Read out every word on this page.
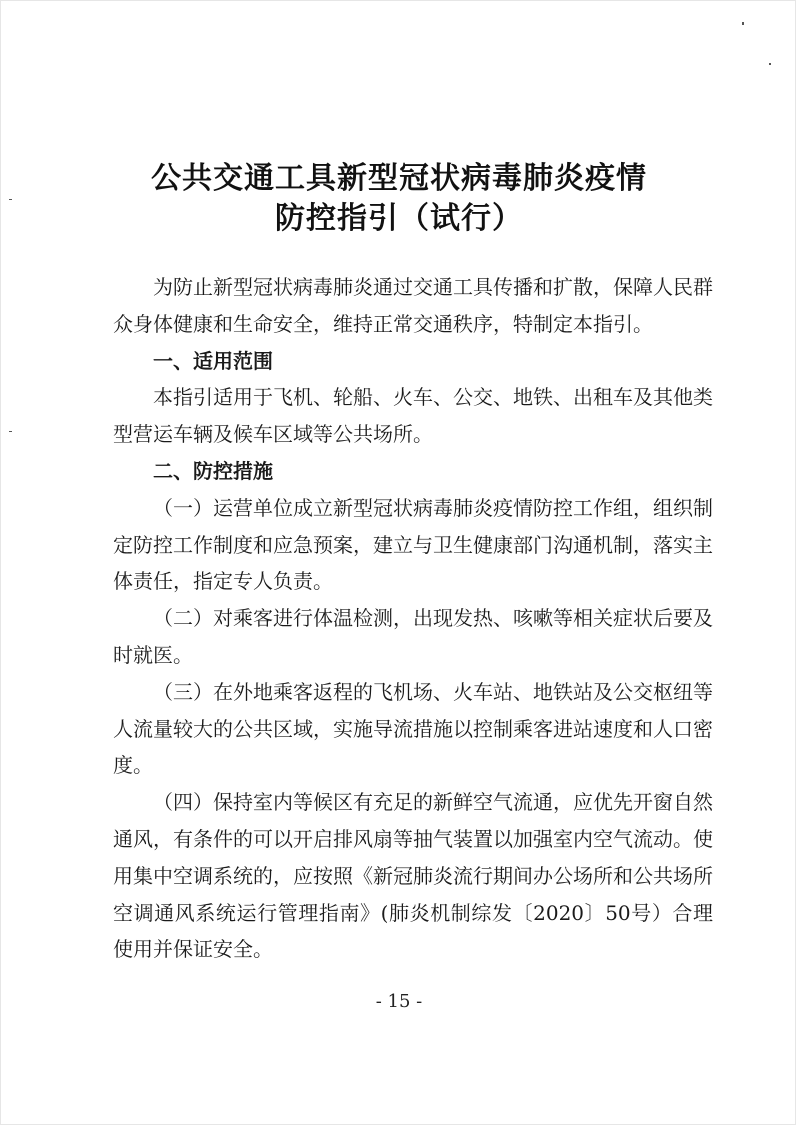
公共交通工具新型冠状病毒肺炎疫情
防控指引（试行）

为防止新型冠状病毒肺炎通过交通工具传播和扩散，保障人民群众身体健康和生命安全，维持正常交通秩序，特制定本指引。

一、适用范围

本指引适用于飞机、轮船、火车、公交、地铁、出租车及其他类型营运车辆及候车区域等公共场所。

二、防控措施

（一）运营单位成立新型冠状病毒肺炎疫情防控工作组，组织制定防控工作制度和应急预案，建立与卫生健康部门沟通机制，落实主体责任，指定专人负责。

（二）对乘客进行体温检测，出现发热、咳嗽等相关症状后要及时就医。

（三）在外地乘客返程的飞机场、火车站、地铁站及公交枢纽等人流量较大的公共区域，实施导流措施以控制乘客进站速度和人口密度。

（四）保持室内等候区有充足的新鲜空气流通，应优先开窗自然通风，有条件的可以开启排风扇等抽气装置以加强室内空气流动。使用集中空调系统的，应按照《新冠肺炎流行期间办公场所和公共场所空调通风系统运行管理指南》(肺炎机制综发〔2020〕50号）合理使用并保证安全。

- 15 -
